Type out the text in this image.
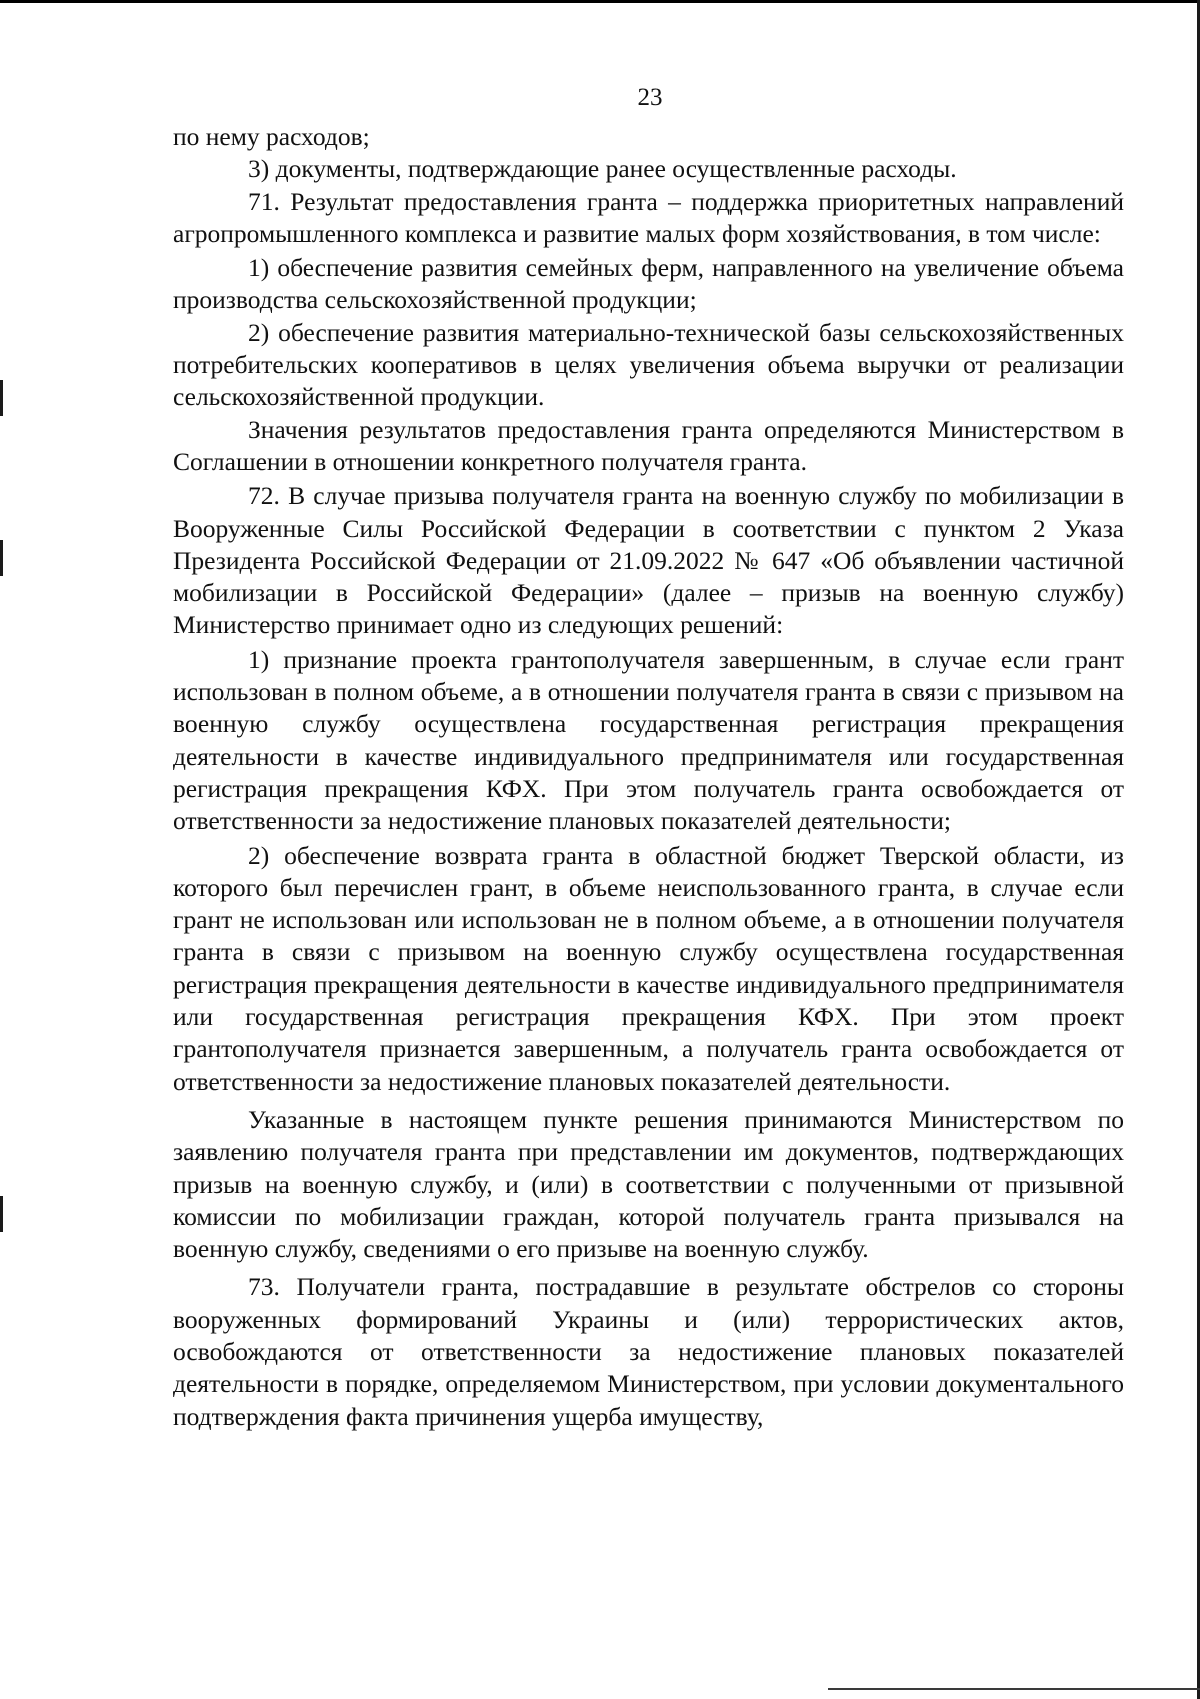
23

по нему расходов;

3) документы, подтверждающие ранее осуществленные расходы.

71. Результат предоставления гранта – поддержка приоритетных направлений агропромышленного комплекса и развитие малых форм хозяйствования, в том числе:

1) обеспечение развития семейных ферм, направленного на увеличение объема производства сельскохозяйственной продукции;

2) обеспечение развития материально-технической базы сельскохозяйственных потребительских кооперативов в целях увеличения объема выручки от реализации сельскохозяйственной продукции.

Значения результатов предоставления гранта определяются Министерством в Соглашении в отношении конкретного получателя гранта.

72. В случае призыва получателя гранта на военную службу по мобилизации в Вооруженные Силы Российской Федерации в соответствии с пунктом 2 Указа Президента Российской Федерации от 21.09.2022 № 647 «Об объявлении частичной мобилизации в Российской Федерации» (далее – призыв на военную службу) Министерство принимает одно из следующих решений:

1) признание проекта грантополучателя завершенным, в случае если грант использован в полном объеме, а в отношении получателя гранта в связи с призывом на военную службу осуществлена государственная регистрация прекращения деятельности в качестве индивидуального предпринимателя или государственная регистрация прекращения КФХ. При этом получатель гранта освобождается от ответственности за недостижение плановых показателей деятельности;

2) обеспечение возврата гранта в областной бюджет Тверской области, из которого был перечислен грант, в объеме неиспользованного гранта, в случае если грант не использован или использован не в полном объеме, а в отношении получателя гранта в связи с призывом на военную службу осуществлена государственная регистрация прекращения деятельности в качестве индивидуального предпринимателя или государственная регистрация прекращения КФХ. При этом проект грантополучателя признается завершенным, а получатель гранта освобождается от ответственности за недостижение плановых показателей деятельности.

Указанные в настоящем пункте решения принимаются Министерством по заявлению получателя гранта при представлении им документов, подтверждающих призыв на военную службу, и (или) в соответствии с полученными от призывной комиссии по мобилизации граждан, которой получатель гранта призывался на военную службу, сведениями о его призыве на военную службу.

73. Получатели гранта, пострадавшие в результате обстрелов со стороны вооруженных формирований Украины и (или) террористических актов, освобождаются от ответственности за недостижение плановых показателей деятельности в порядке, определяемом Министерством, при условии документального подтверждения факта причинения ущерба имуществу,
